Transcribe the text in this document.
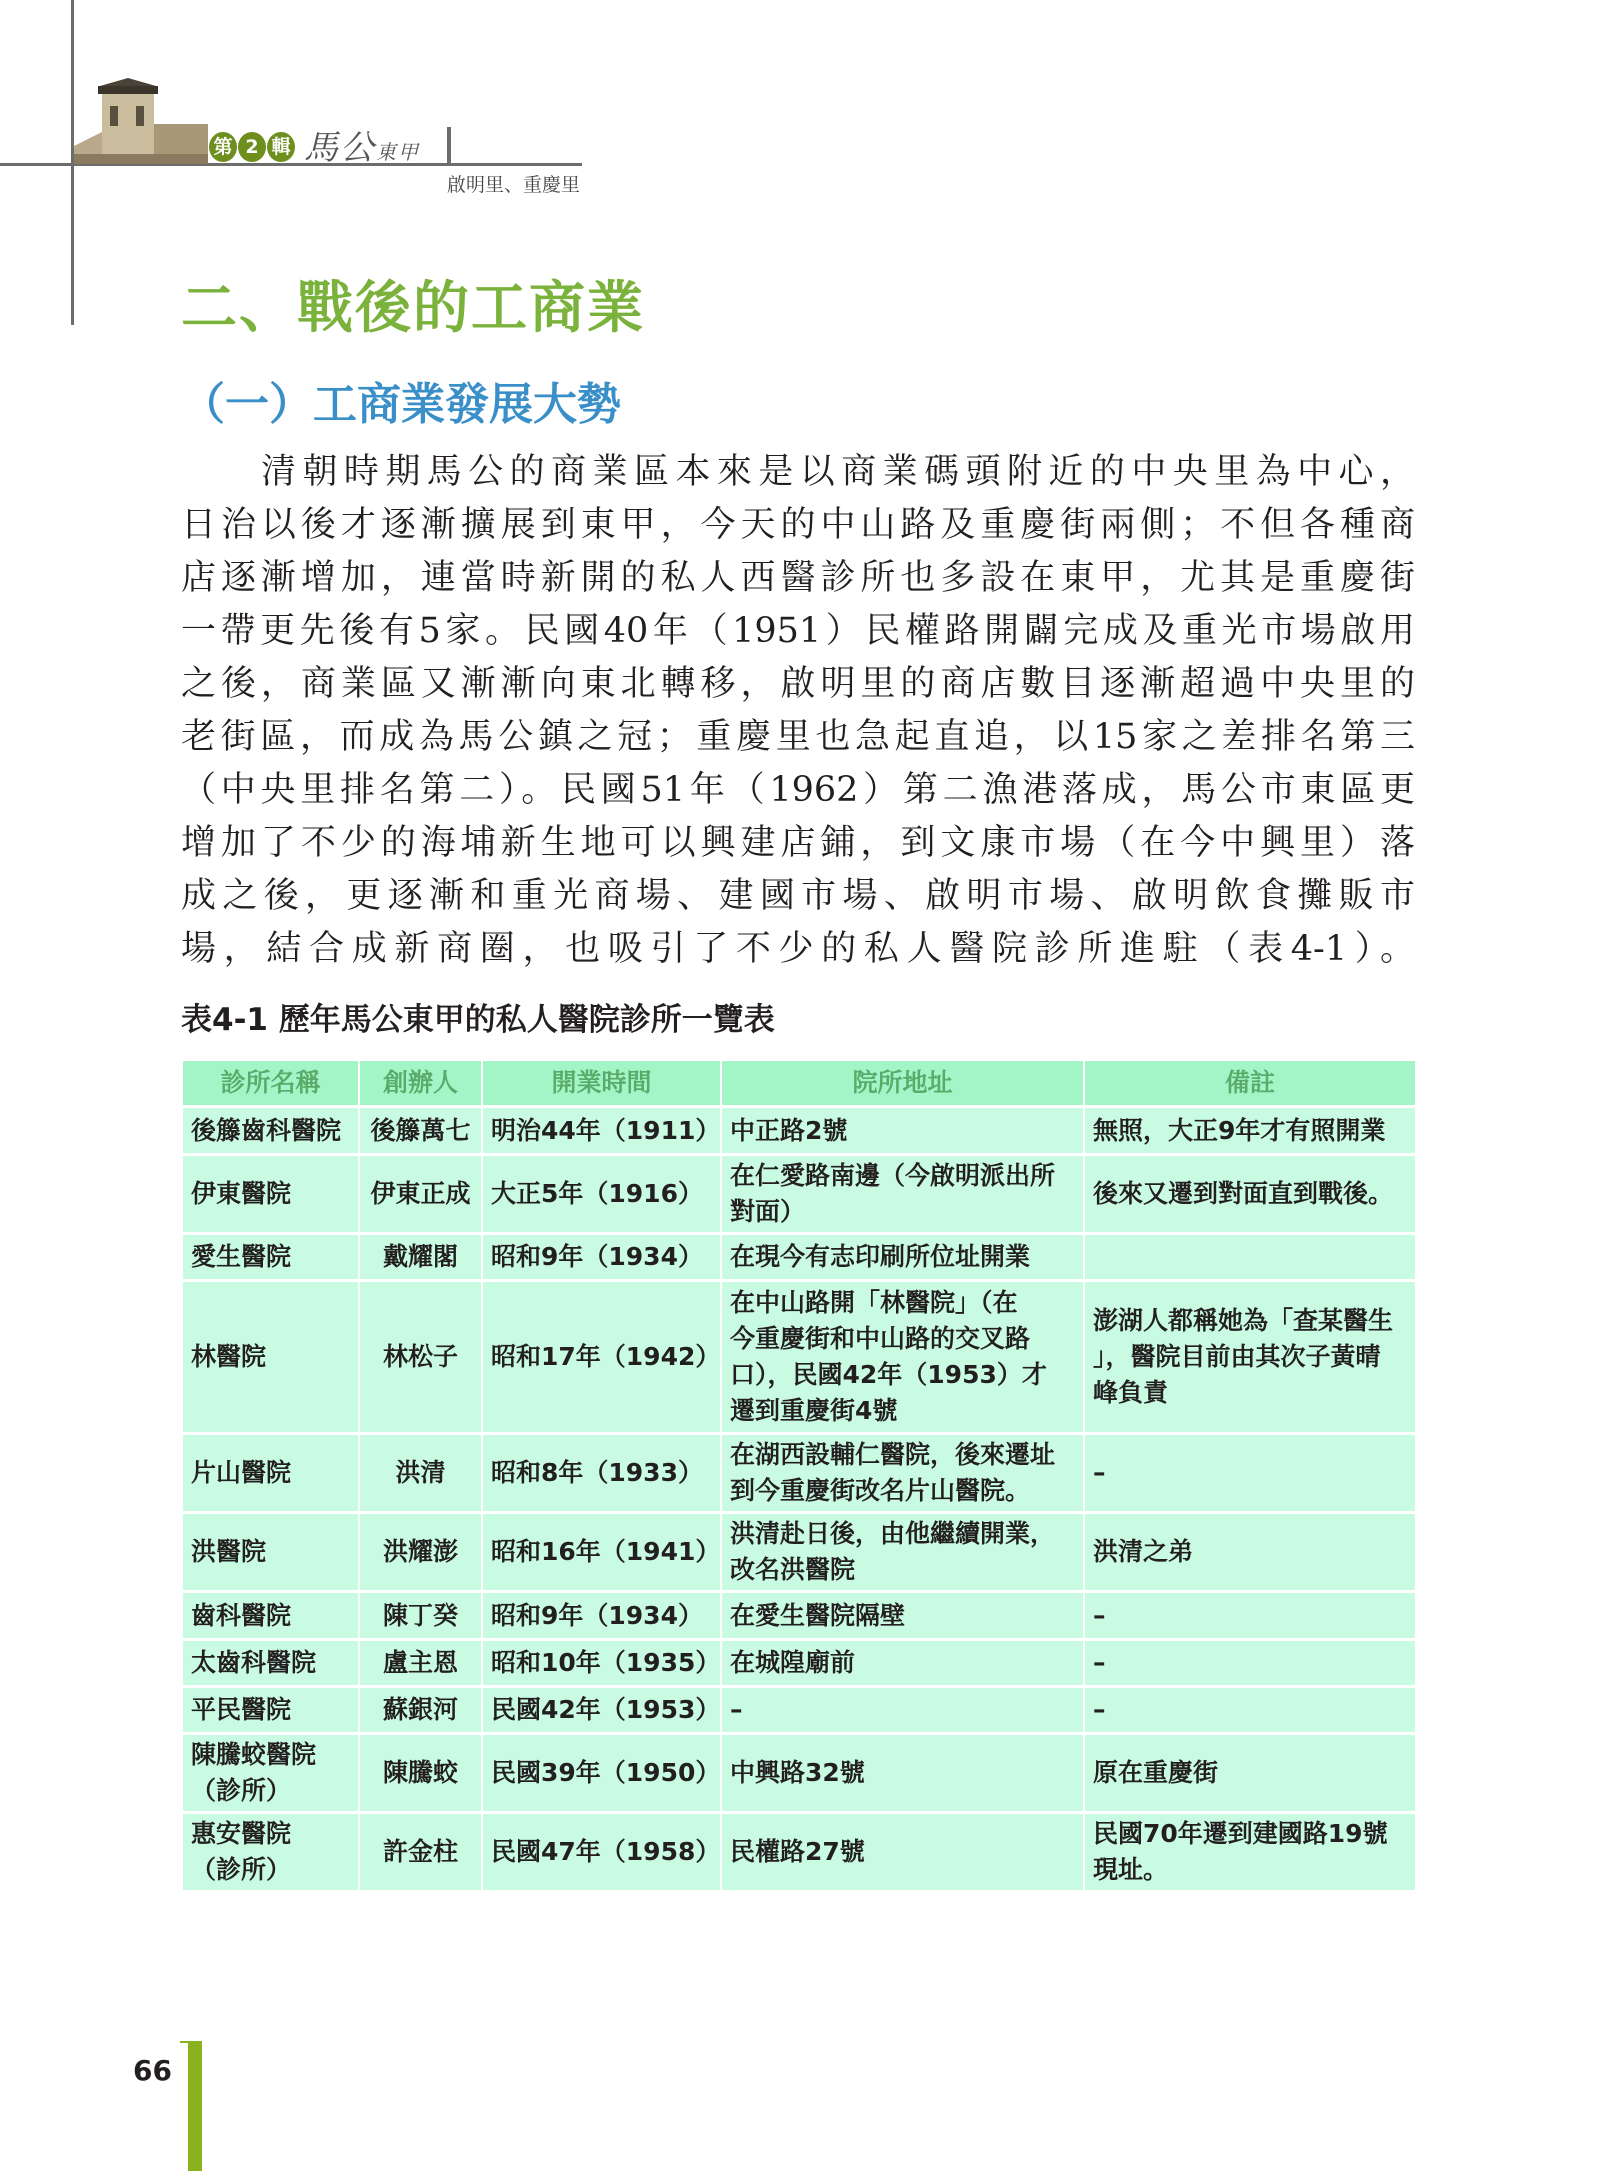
第 2 輯 馬公東甲
啟明里、重慶里
二、戰後的工商業
（一）工商業發展大勢
清朝時期馬公的商業區本來是以商業碼頭附近的中央里為中心，
日治以後才逐漸擴展到東甲，今天的中山路及重慶街兩側；不但各種商
店逐漸增加，連當時新開的私人西醫診所也多設在東甲，尤其是重慶街
一帶更先後有5家。民國40年（1951）民權路開闢完成及重光市場啟用
之後，商業區又漸漸向東北轉移，啟明里的商店數目逐漸超過中央里的
老街區，而成為馬公鎮之冠；重慶里也急起直追，以15家之差排名第三
（中央里排名第二）。民國51年（1962）第二漁港落成，馬公市東區更
增加了不少的海埔新生地可以興建店鋪，到文康市場（在今中興里）落
成之後，更逐漸和重光商場、建國市場、啟明市場、啟明飲食攤販市
場，結合成新商圈，也吸引了不少的私人醫院診所進駐（表4-1）。
表4-1 歷年馬公東甲的私人醫院診所一覽表
診所名稱	創辦人	開業時間	院所地址	備註
後籐齒科醫院	後籐萬七	明治44年（1911）	中正路2號	無照，大正9年才有照開業
伊東醫院	伊東正成	大正5年（1916）	在仁愛路南邊（今啟明派出所
對面）	後來又遷到對面直到戰後。
愛生醫院	戴耀閣	昭和9年（1934）	在現今有志印刷所位址開業	
林醫院	林松子	昭和17年（1942）	在中山路開「林醫院」（在
今重慶街和中山路的交叉路
口），民國42年（1953）才
遷到重慶街4號	澎湖人都稱她為「查某醫生
」，醫院目前由其次子黃晴
峰負責
片山醫院	洪清	昭和8年（1933）	在湖西設輔仁醫院，後來遷址
到今重慶街改名片山醫院。	–
洪醫院	洪耀澎	昭和16年（1941）	洪清赴日後，由他繼續開業，
改名洪醫院	洪清之弟
齒科醫院	陳丁癸	昭和9年（1934）	在愛生醫院隔壁	–
太齒科醫院	盧主恩	昭和10年（1935）	在城隍廟前	–
平民醫院	蘇銀河	民國42年（1953）	–	–
陳騰蛟醫院
（診所）	陳騰蛟	民國39年（1950）	中興路32號	原在重慶街
惠安醫院
（診所）	許金柱	民國47年（1958）	民權路27號	民國70年遷到建國路19號
現址。
66
